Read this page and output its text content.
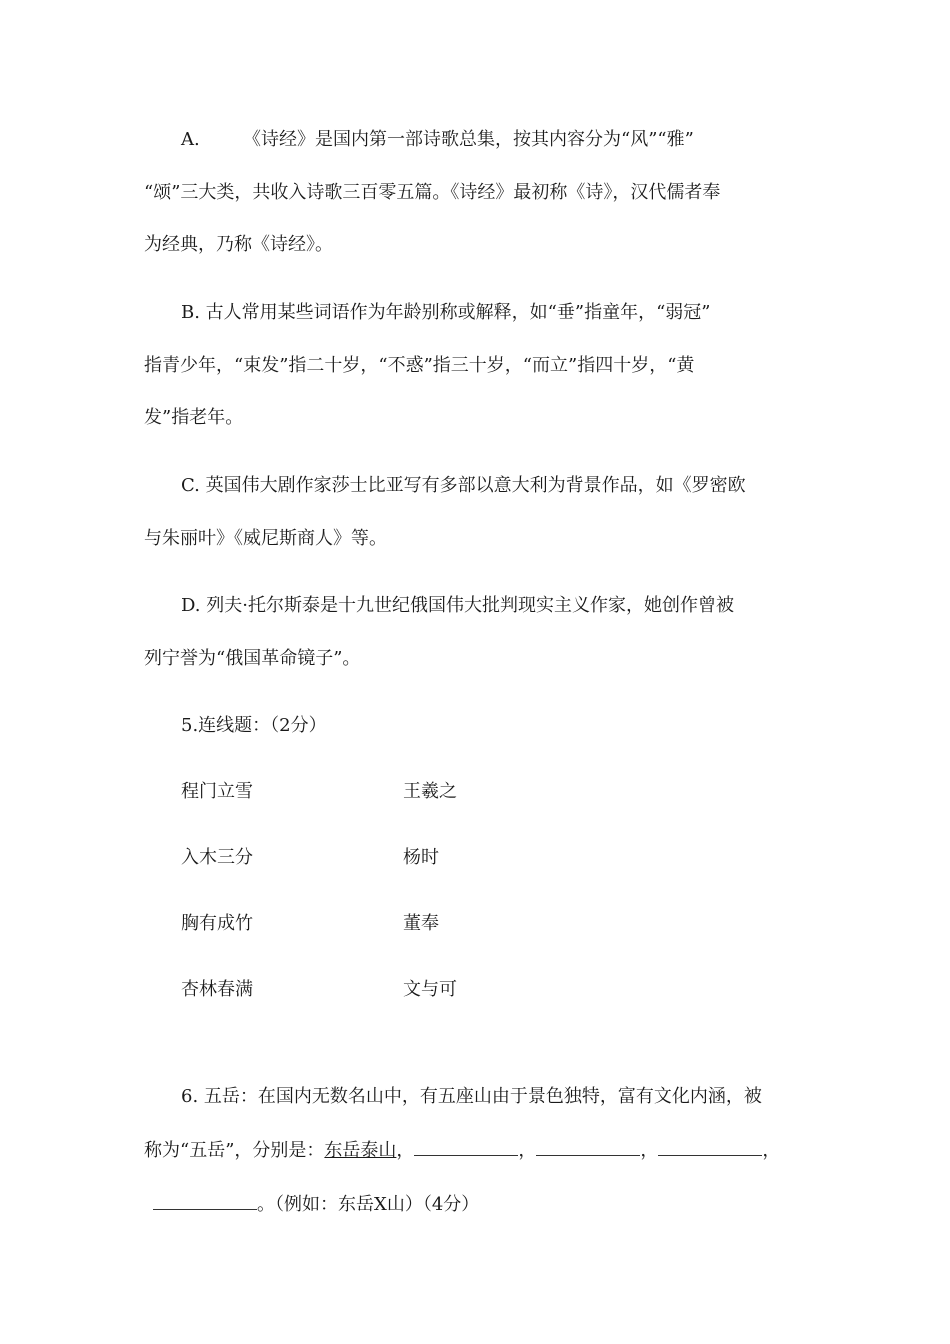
A. 《诗经》是国内第一部诗歌总集，按其内容分为“风”“雅”
“颂”三大类，共收入诗歌三百零五篇。《诗经》最初称《诗》，汉代儒者奉
为经典，乃称《诗经》。
B. 古人常用某些词语作为年龄别称或解释，如“垂”指童年，“弱冠”
指青少年，“束发”指二十岁，“不惑”指三十岁，“而立”指四十岁，“黄
发”指老年。
C. 英国伟大剧作家莎士比亚写有多部以意大利为背景作品，如《罗密欧
与朱丽叶》《威尼斯商人》等。
D. 列夫·托尔斯泰是十九世纪俄国伟大批判现实主义作家，她创作曾被
列宁誉为“俄国革命镜子”。
5.连线题：（2分）
程门立雪	王羲之
入木三分	杨时
胸有成竹	董奉
杏林春满	文与可
6. 五岳：在国内无数名山中，有五座山由于景色独特，富有文化内涵，被
称为“五岳”，分别是：东岳泰山，	，	，	，
。（例如：东岳X山）（4分）
